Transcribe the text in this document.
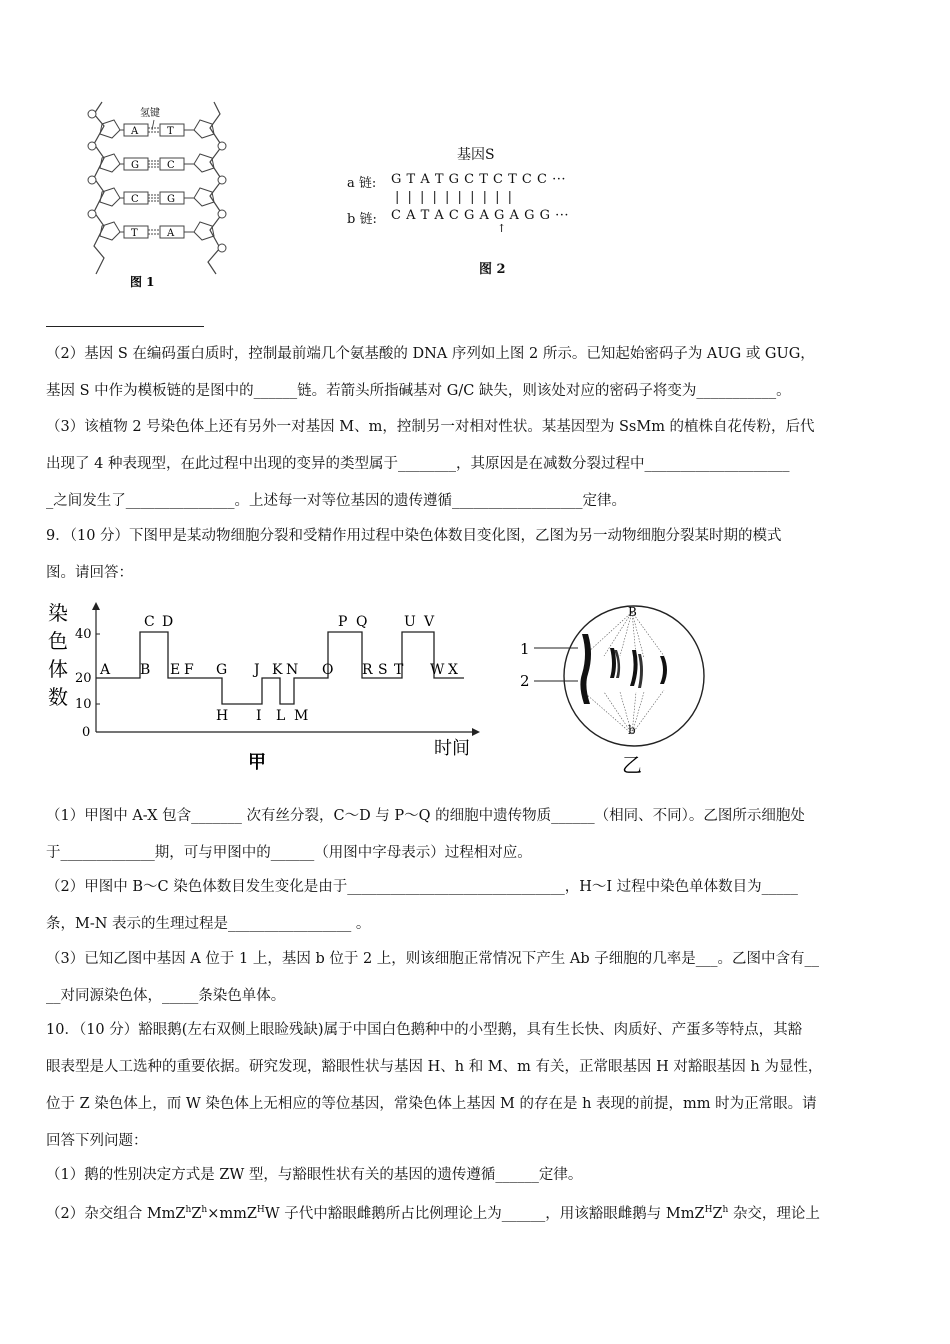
氢键
A	T
G	C
C	G
T	A
图 1
基因S
a 链: G T A T G C T C T C C ···
| | | | | | | | | |
b 链: C A T A C G A G A G G ···
↑
图 2
（2）基因 S 在编码蛋白质时，控制最前端几个氨基酸的 DNA 序列如上图 2 所示。已知起始密码子为 AUG 或 GUG，
基因 S 中作为模板链的是图中的______链。若箭头所指碱基对 G/C 缺失，则该处对应的密码子将变为___________。
（3）该植物 2 号染色体上还有另外一对基因 M、m，控制另一对相对性状。某基因型为 SsMm 的植株自花传粉，后代
出现了 4 种表现型，在此过程中出现的变异的类型属于________，其原因是在减数分裂过程中____________________
_之间发生了_______________。上述每一对等位基因的遗传遵循__________________定律。
9．（10 分）下图甲是某动物细胞分裂和受精作用过程中染色体数目变化图，乙图为另一动物细胞分裂某时期的模式
图。请回答：
染
色
体
数
40
20
10
0
C D	P Q	U V
A B E F G J K N O R S T W X
H I L M
时间
甲
1
2
B
b
乙
（1）甲图中 A-X 包含_______ 次有丝分裂，C～D 与 P～Q 的细胞中遗传物质______（相同、不同）。乙图所示细胞处
于_____________期，可与甲图中的______（用图中字母表示）过程相对应。
（2）甲图中 B～C 染色体数目发生变化是由于______________________________，H～I 过程中染色单体数目为_____
条，M-N 表示的生理过程是_________________ 。
（3）已知乙图中基因 A 位于 1 上，基因 b 位于 2 上，则该细胞正常情况下产生 Ab 子细胞的几率是___。乙图中含有__
__对同源染色体，_____条染色单体。
10．（10 分）豁眼鹅(左右双侧上眼睑残缺)属于中国白色鹅种中的小型鹅，具有生长快、肉质好、产蛋多等特点，其豁
眼表型是人工选种的重要依据。研究发现，豁眼性状与基因 H、h 和 M、m 有关，正常眼基因 H 对豁眼基因 h 为显性，
位于 Z 染色体上，而 W 染色体上无相应的等位基因，常染色体上基因 M 的存在是 h 表现的前提，mm 时为正常眼。请
回答下列问题：
（1）鹅的性别决定方式是 ZW 型，与豁眼性状有关的基因的遗传遵循______定律。
（2）杂交组合 $MmZ^hZ^h\times mmZ^HW$ 子代中豁眼雌鹅所占比例理论上为______，用该豁眼雌鹅与 $MmZ^HZ^h$ 杂交，理论上
